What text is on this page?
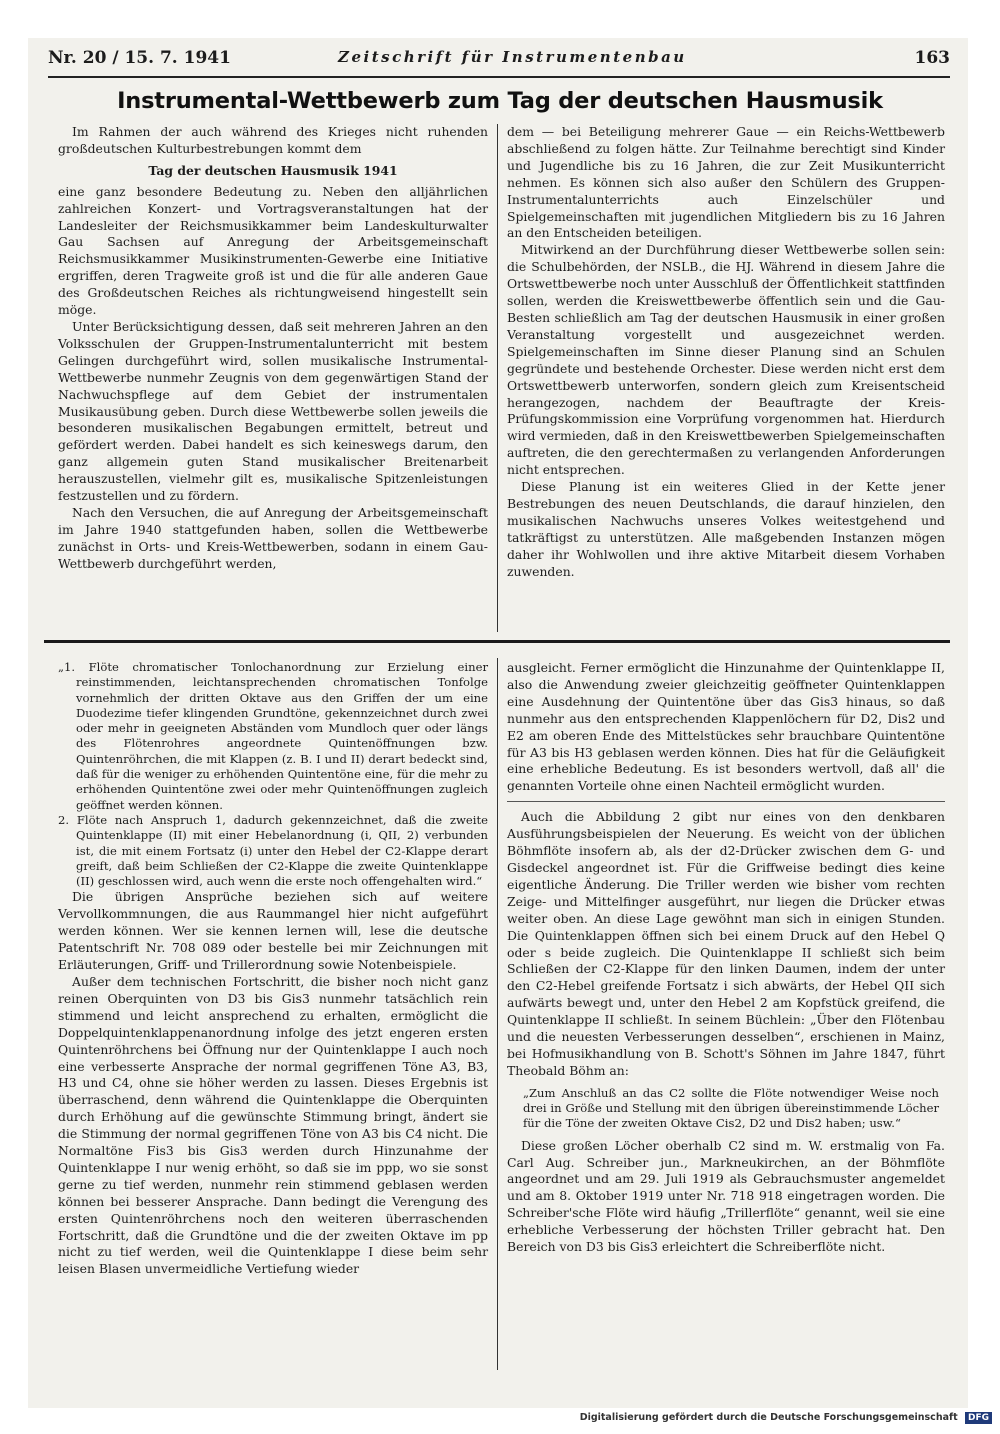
Nr. 20 / 15. 7. 1941	Zeitschrift für Instrumentenbau	163
Instrumental-Wettbewerb zum Tag der deutschen Hausmusik

Im Rahmen der auch während des Krieges nicht ruhenden großdeutschen Kulturbestrebungen kommt dem

Tag der deutschen Hausmusik 1941

eine ganz besondere Bedeutung zu. Neben den alljährlichen zahlreichen Konzert- und Vortragsveranstaltungen hat der Landesleiter der Reichsmusikkammer beim Landeskulturwalter Gau Sachsen auf Anregung der Arbeitsgemeinschaft Reichsmusikkammer Musikinstrumenten-Gewerbe eine Initiative ergriffen, deren Tragweite groß ist und die für alle anderen Gaue des Großdeutschen Reiches als richtungweisend hingestellt sein möge.

Unter Berücksichtigung dessen, daß seit mehreren Jahren an den Volksschulen der Gruppen-Instrumentalunterricht mit bestem Gelingen durchgeführt wird, sollen musikalische Instrumental-Wettbewerbe nunmehr Zeugnis von dem gegenwärtigen Stand der Nachwuchspflege auf dem Gebiet der instrumentalen Musikausübung geben. Durch diese Wettbewerbe sollen jeweils die besonderen musikalischen Begabungen ermittelt, betreut und gefördert werden. Dabei handelt es sich keineswegs darum, den ganz allgemein guten Stand musikalischer Breitenarbeit herauszustellen, vielmehr gilt es, musikalische Spitzenleistungen festzustellen und zu fördern.

Nach den Versuchen, die auf Anregung der Arbeitsgemeinschaft im Jahre 1940 stattgefunden haben, sollen die Wettbewerbe zunächst in Orts- und Kreis-Wettbewerben, sodann in einem Gau-Wettbewerb durchgeführt werden,

dem — bei Beteiligung mehrerer Gaue — ein Reichs-Wettbewerb abschließend zu folgen hätte. Zur Teilnahme berechtigt sind Kinder und Jugendliche bis zu 16 Jahren, die zur Zeit Musikunterricht nehmen. Es können sich also außer den Schülern des Gruppen-Instrumentalunterrichts auch Einzelschüler und Spielgemeinschaften mit jugendlichen Mitgliedern bis zu 16 Jahren an den Entscheiden beteiligen.

Mitwirkend an der Durchführung dieser Wettbewerbe sollen sein: die Schulbehörden, der NSLB., die HJ. Während in diesem Jahre die Ortswettbewerbe noch unter Ausschluß der Öffentlichkeit stattfinden sollen, werden die Kreiswettbewerbe öffentlich sein und die Gau-Besten schließlich am Tag der deutschen Hausmusik in einer großen Veranstaltung vorgestellt und ausgezeichnet werden. Spielgemeinschaften im Sinne dieser Planung sind an Schulen gegründete und bestehende Orchester. Diese werden nicht erst dem Ortswettbewerb unterworfen, sondern gleich zum Kreisentscheid herangezogen, nachdem der Beauftragte der Kreis-Prüfungskommission eine Vorprüfung vorgenommen hat. Hierdurch wird vermieden, daß in den Kreiswettbewerben Spielgemeinschaften auftreten, die den gerechtermaßen zu verlangenden Anforderungen nicht entsprechen.

Diese Planung ist ein weiteres Glied in der Kette jener Bestrebungen des neuen Deutschlands, die darauf hinzielen, den musikalischen Nachwuchs unseres Volkes weitestgehend und tatkräftigst zu unterstützen. Alle maßgebenden Instanzen mögen daher ihr Wohlwollen und ihre aktive Mitarbeit diesem Vorhaben zuwenden.

„1. Flöte chromatischer Tonlochanordnung zur Erzielung einer reinstimmenden, leichtansprechenden chromatischen Tonfolge vornehmlich der dritten Oktave aus den Griffen der um eine Duodezime tiefer klingenden Grundtöne, gekennzeichnet durch zwei oder mehr in geeigneten Abständen vom Mundloch quer oder längs des Flötenrohres angeordnete Quintenöffnungen bzw. Quintenröhrchen, die mit Klappen (z. B. I und II) derart bedeckt sind, daß für die weniger zu erhöhenden Quintentöne eine, für die mehr zu erhöhenden Quintentöne zwei oder mehr Quintenöffnungen zugleich geöffnet werden können.

2. Flöte nach Anspruch 1, dadurch gekennzeichnet, daß die zweite Quintenklappe (II) mit einer Hebelanordnung (i, QII, 2) verbunden ist, die mit einem Fortsatz (i) unter den Hebel der C2-Klappe derart greift, daß beim Schließen der C2-Klappe die zweite Quintenklappe (II) geschlossen wird, auch wenn die erste noch offengehalten wird.“

Die übrigen Ansprüche beziehen sich auf weitere Vervollkommnungen, die aus Raummangel hier nicht aufgeführt werden können. Wer sie kennen lernen will, lese die deutsche Patentschrift Nr. 708 089 oder bestelle bei mir Zeichnungen mit Erläuterungen, Griff- und Trillerordnung sowie Notenbeispiele.

Außer dem technischen Fortschritt, die bisher noch nicht ganz reinen Oberquinten von D3 bis Gis3 nunmehr tatsächlich rein stimmend und leicht ansprechend zu erhalten, ermöglicht die Doppelquintenklappenanordnung infolge des jetzt engeren ersten Quintenröhrchens bei Öffnung nur der Quintenklappe I auch noch eine verbesserte Ansprache der normal gegriffenen Töne A3, B3, H3 und C4, ohne sie höher werden zu lassen. Dieses Ergebnis ist überraschend, denn während die Quintenklappe die Oberquinten durch Erhöhung auf die gewünschte Stimmung bringt, ändert sie die Stimmung der normal gegriffenen Töne von A3 bis C4 nicht. Die Normaltöne Fis3 bis Gis3 werden durch Hinzunahme der Quintenklappe I nur wenig erhöht, so daß sie im ppp, wo sie sonst gerne zu tief werden, nunmehr rein stimmend geblasen werden können bei besserer Ansprache. Dann bedingt die Verengung des ersten Quintenröhrchens noch den weiteren überraschenden Fortschritt, daß die Grundtöne und die der zweiten Oktave im pp nicht zu tief werden, weil die Quintenklappe I diese beim sehr leisen Blasen unvermeidliche Vertiefung wieder

ausgleicht. Ferner ermöglicht die Hinzunahme der Quintenklappe II, also die Anwendung zweier gleichzeitig geöffneter Quintenklappen eine Ausdehnung der Quintentöne über das Gis3 hinaus, so daß nunmehr aus den entsprechenden Klappenlöchern für D2, Dis2 und E2 am oberen Ende des Mittelstückes sehr brauchbare Quintentöne für A3 bis H3 geblasen werden können. Dies hat für die Geläufigkeit eine erhebliche Bedeutung. Es ist besonders wertvoll, daß all' die genannten Vorteile ohne einen Nachteil ermöglicht wurden.

Auch die Abbildung 2 gibt nur eines von den denkbaren Ausführungsbeispielen der Neuerung. Es weicht von der üblichen Böhmflöte insofern ab, als der d2-Drücker zwischen dem G- und Gisdeckel angeordnet ist. Für die Griffweise bedingt dies keine eigentliche Änderung. Die Triller werden wie bisher vom rechten Zeige- und Mittelfinger ausgeführt, nur liegen die Drücker etwas weiter oben. An diese Lage gewöhnt man sich in einigen Stunden. Die Quintenklappen öffnen sich bei einem Druck auf den Hebel Q oder s beide zugleich. Die Quintenklappe II schließt sich beim Schließen der C2-Klappe für den linken Daumen, indem der unter den C2-Hebel greifende Fortsatz i sich abwärts, der Hebel QII sich aufwärts bewegt und, unter den Hebel 2 am Kopfstück greifend, die Quintenklappe II schließt. In seinem Büchlein: „Über den Flötenbau und die neuesten Verbesserungen desselben“, erschienen in Mainz, bei Hofmusikhandlung von B. Schott's Söhnen im Jahre 1847, führt Theobald Böhm an:

„Zum Anschluß an das C2 sollte die Flöte notwendiger Weise noch drei in Größe und Stellung mit den übrigen übereinstimmende Löcher für die Töne der zweiten Oktave Cis2, D2 und Dis2 haben; usw.“

Diese großen Löcher oberhalb C2 sind m. W. erstmalig von Fa. Carl Aug. Schreiber jun., Markneukirchen, an der Böhmflöte angeordnet und am 29. Juli 1919 als Gebrauchsmuster angemeldet und am 8. Oktober 1919 unter Nr. 718 918 eingetragen worden. Die Schreiber'sche Flöte wird häufig „Trillerflöte“ genannt, weil sie eine erhebliche Verbesserung der höchsten Triller gebracht hat. Den Bereich von D3 bis Gis3 erleichtert die Schreiberflöte nicht.

Digitalisierung gefördert durch die Deutsche Forschungsgemeinschaft DFG
